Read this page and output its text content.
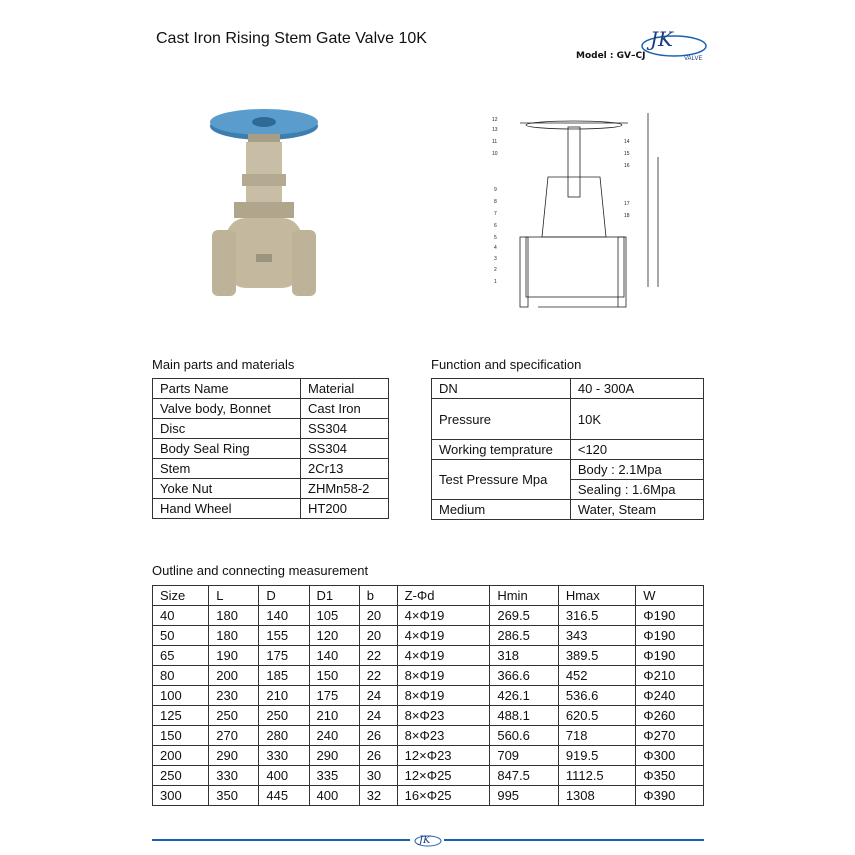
Cast Iron Rising Stem Gate Valve 10K	JK
VALVE
Model : GV–CJ
12
13
11
10
9
8
7
6
5
4
3
2
1
14
15
16
17
18
Main parts and materials
Parts Name	Material
Valve body, Bonnet	Cast Iron
Disc	SS304
Body Seal Ring	SS304
Stem	2Cr13
Yoke Nut	ZHMn58-2
Hand Wheel	HT200
Function and specification
DN	40 - 300A
Pressure	10K
Working temprature	<120
Test Pressure Mpa	Body : 2.1Mpa
	Sealing : 1.6Mpa
Medium	Water, Steam
Outline and connecting measurement
Size	L	D	D1	b	Z-Φd	Hmin	Hmax	W
40	180	140	105	20	4×Φ19	269.5	316.5	Φ190
50	180	155	120	20	4×Φ19	286.5	343	Φ190
65	190	175	140	22	4×Φ19	318	389.5	Φ190
80	200	185	150	22	8×Φ19	366.6	452	Φ210
100	230	210	175	24	8×Φ19	426.1	536.6	Φ240
125	250	250	210	24	8×Φ23	488.1	620.5	Φ260
150	270	280	240	26	8×Φ23	560.6	718	Φ270
200	290	330	290	26	12×Φ23	709	919.5	Φ300
250	330	400	335	30	12×Φ25	847.5	1112.5	Φ350
300	350	445	400	32	16×Φ25	995	1308	Φ390
JK
